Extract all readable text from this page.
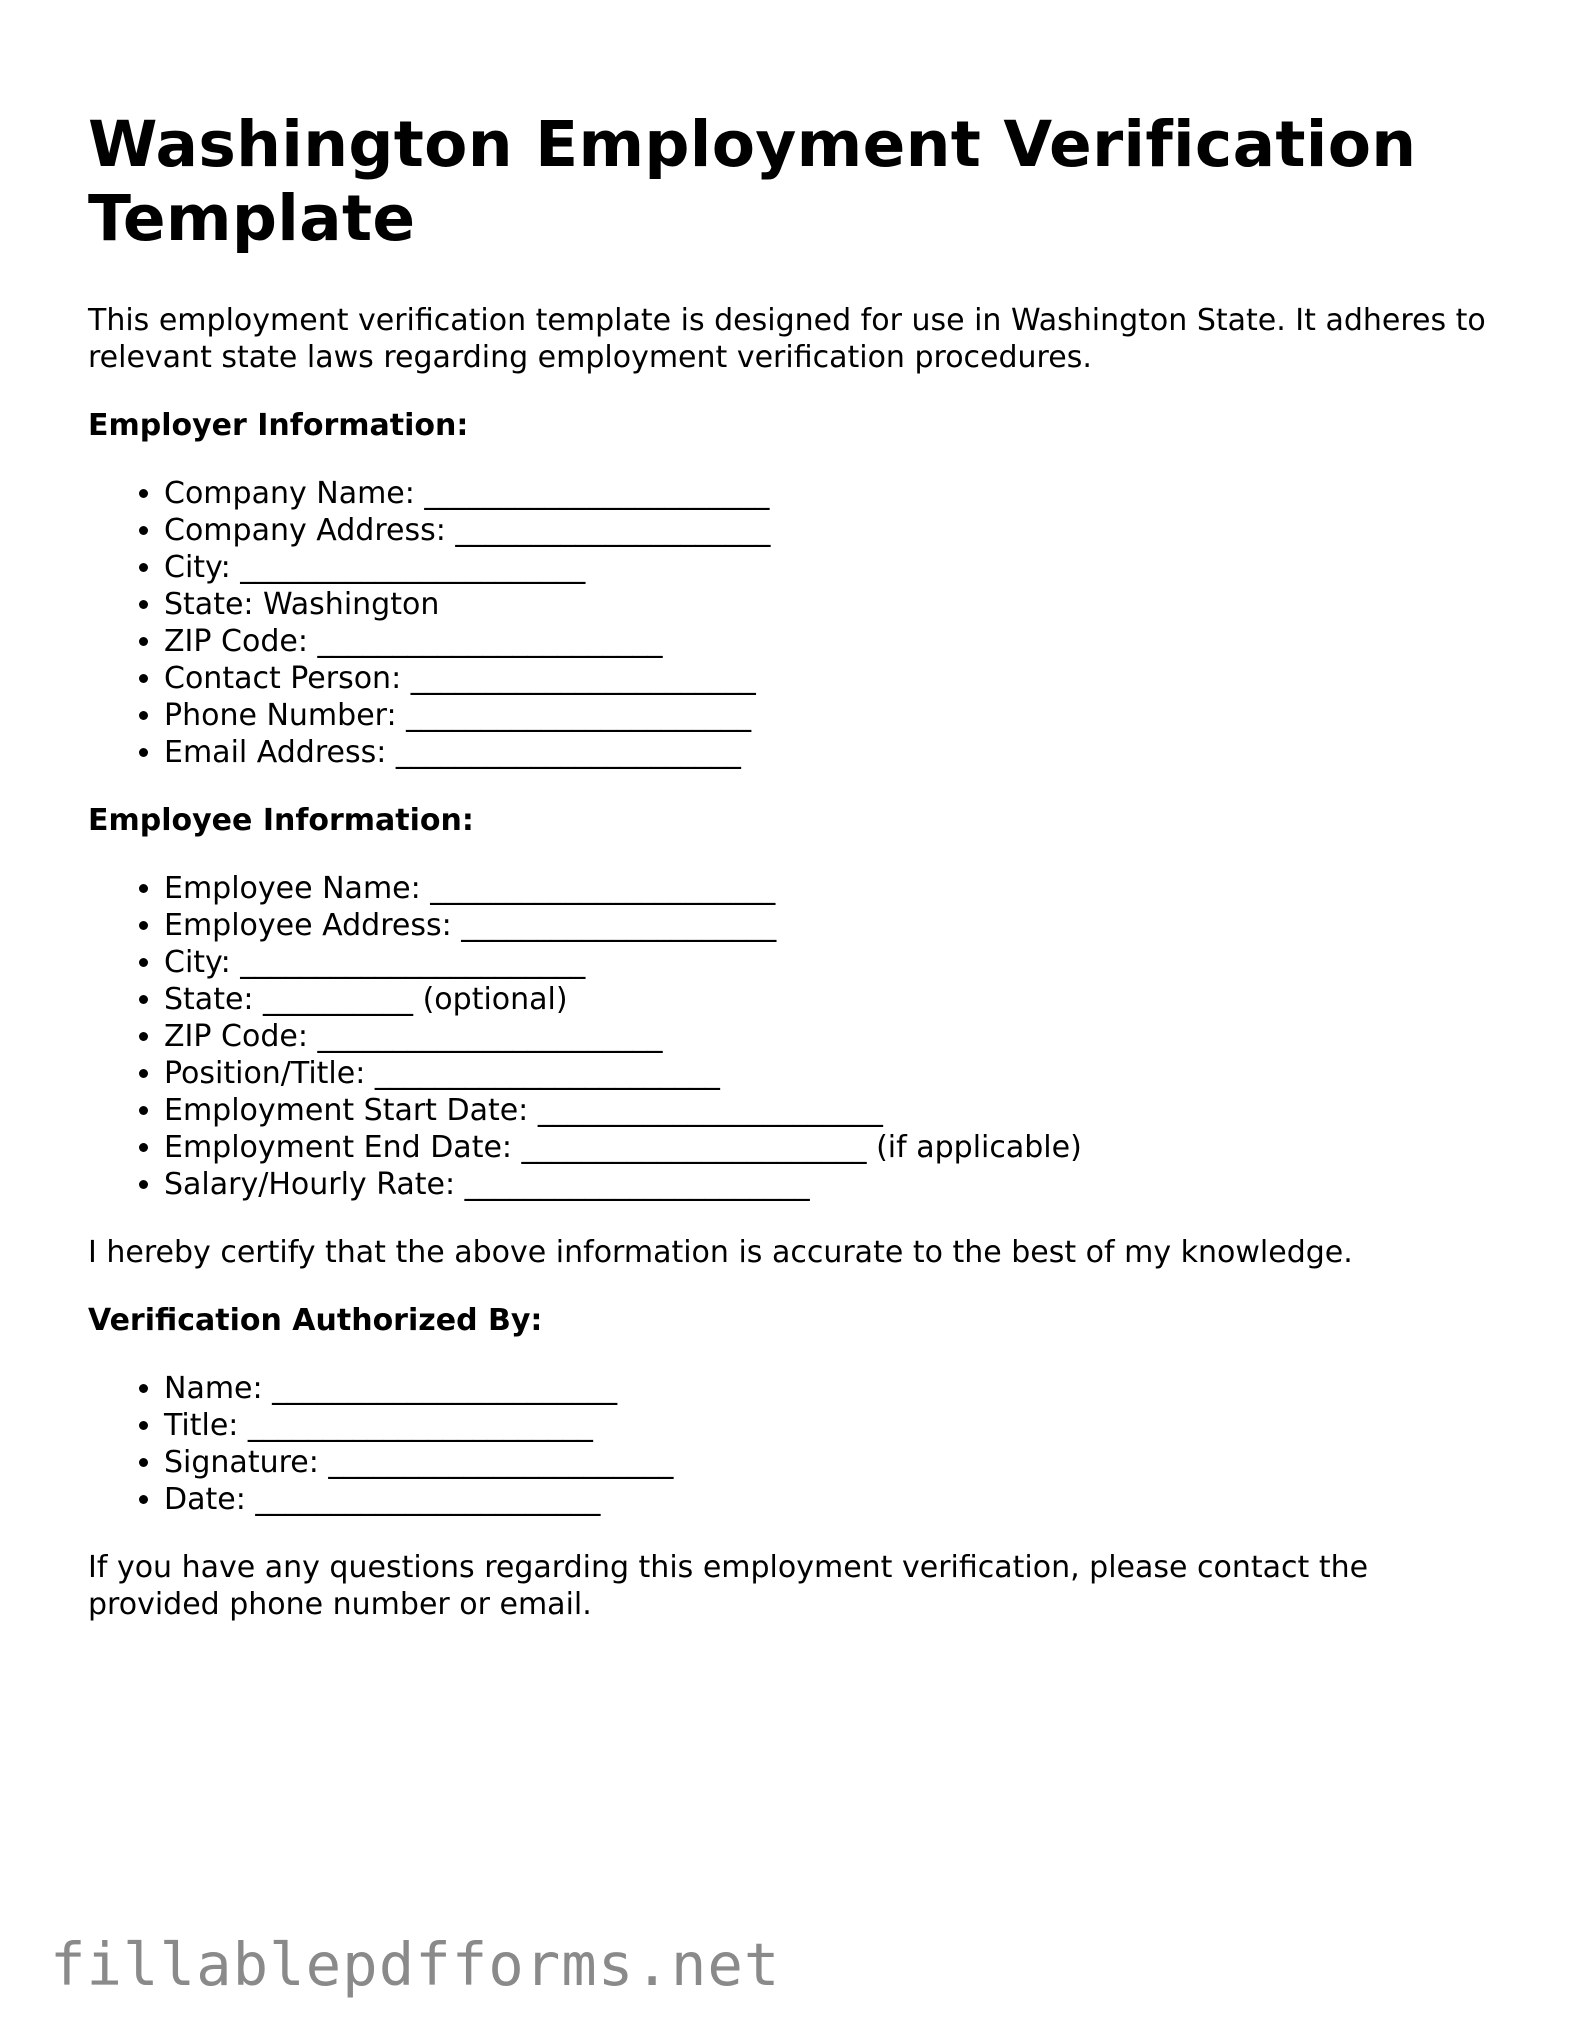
Washington Employment Verification Template

This employment verification template is designed for use in Washington State. It adheres to relevant state laws regarding employment verification procedures.

Employer Information:
• Company Name: _______________________
• Company Address: _____________________
• City: _______________________
• State: Washington
• ZIP Code: _______________________
• Contact Person: _______________________
• Phone Number: _______________________
• Email Address: _______________________
Employee Information:
• Employee Name: _______________________
• Employee Address: _____________________
• City: _______________________
• State: __________ (optional)
• ZIP Code: _______________________
• Position/Title: _______________________
• Employment Start Date: _______________________
• Employment End Date: _______________________ (if applicable)
• Salary/Hourly Rate: _______________________

I hereby certify that the above information is accurate to the best of my knowledge.

Verification Authorized By:
• Name: _______________________
• Title: _______________________
• Signature: _______________________
• Date: _______________________

If you have any questions regarding this employment verification, please contact the provided phone number or email.

fillablepdfforms.net
